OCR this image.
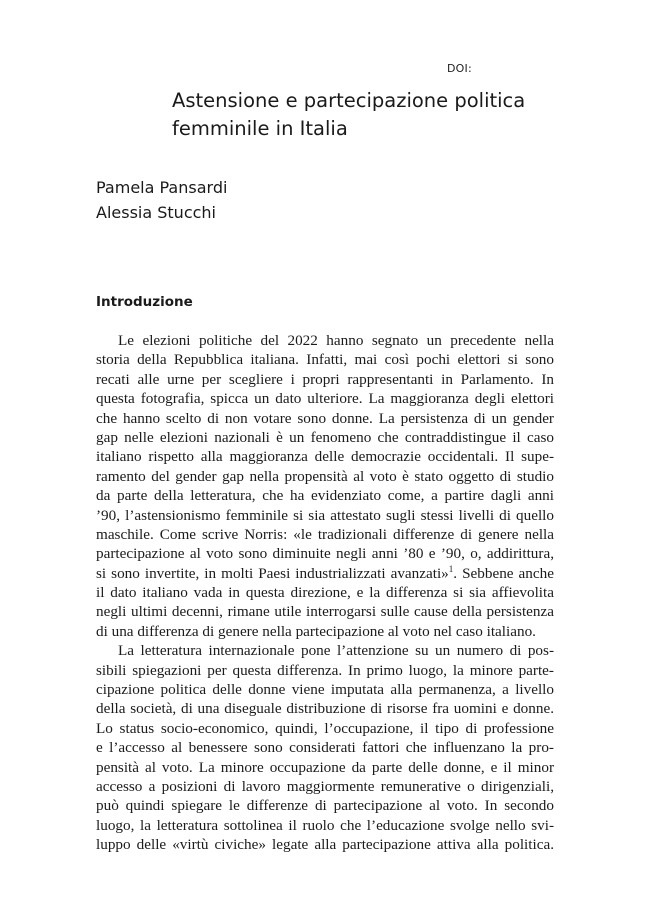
DOI:
Astensione e partecipazione politica
femminile in Italia
Pamela Pansardi
Alessia Stucchi
Introduzione
Le elezioni politiche del 2022 hanno segnato un precedente nella
storia della Repubblica italiana. Infatti, mai così pochi elettori si sono
recati alle urne per scegliere i propri rappresentanti in Parlamento. In
questa fotografia, spicca un dato ulteriore. La maggioranza degli elettori
che hanno scelto di non votare sono donne. La persistenza di un gender
gap nelle elezioni nazionali è un fenomeno che contraddistingue il caso
italiano rispetto alla maggioranza delle democrazie occidentali. Il supe-
ramento del gender gap nella propensità al voto è stato oggetto di studio
da parte della letteratura, che ha evidenziato come, a partire dagli anni
’90, l’astensionismo femminile si sia attestato sugli stessi livelli di quello
maschile. Come scrive Norris: «le tradizionali differenze di genere nella
partecipazione al voto sono diminuite negli anni ’80 e ’90, o, addirittura,
si sono invertite, in molti Paesi industrializzati avanzati»$^1$. Sebbene anche
il dato italiano vada in questa direzione, e la differenza si sia affievolita
negli ultimi decenni, rimane utile interrogarsi sulle cause della persistenza
di una differenza di genere nella partecipazione al voto nel caso italiano.
La letteratura internazionale pone l’attenzione su un numero di pos-
sibili spiegazioni per questa differenza. In primo luogo, la minore parte-
cipazione politica delle donne viene imputata alla permanenza, a livello
della società, di una diseguale distribuzione di risorse fra uomini e donne.
Lo status socio-economico, quindi, l’occupazione, il tipo di professione
e l’accesso al benessere sono considerati fattori che influenzano la pro-
pensità al voto. La minore occupazione da parte delle donne, e il minor
accesso a posizioni di lavoro maggiormente remunerative o dirigenziali,
può quindi spiegare le differenze di partecipazione al voto. In secondo
luogo, la letteratura sottolinea il ruolo che l’educazione svolge nello svi-
luppo delle «virtù civiche» legate alla partecipazione attiva alla politica.
